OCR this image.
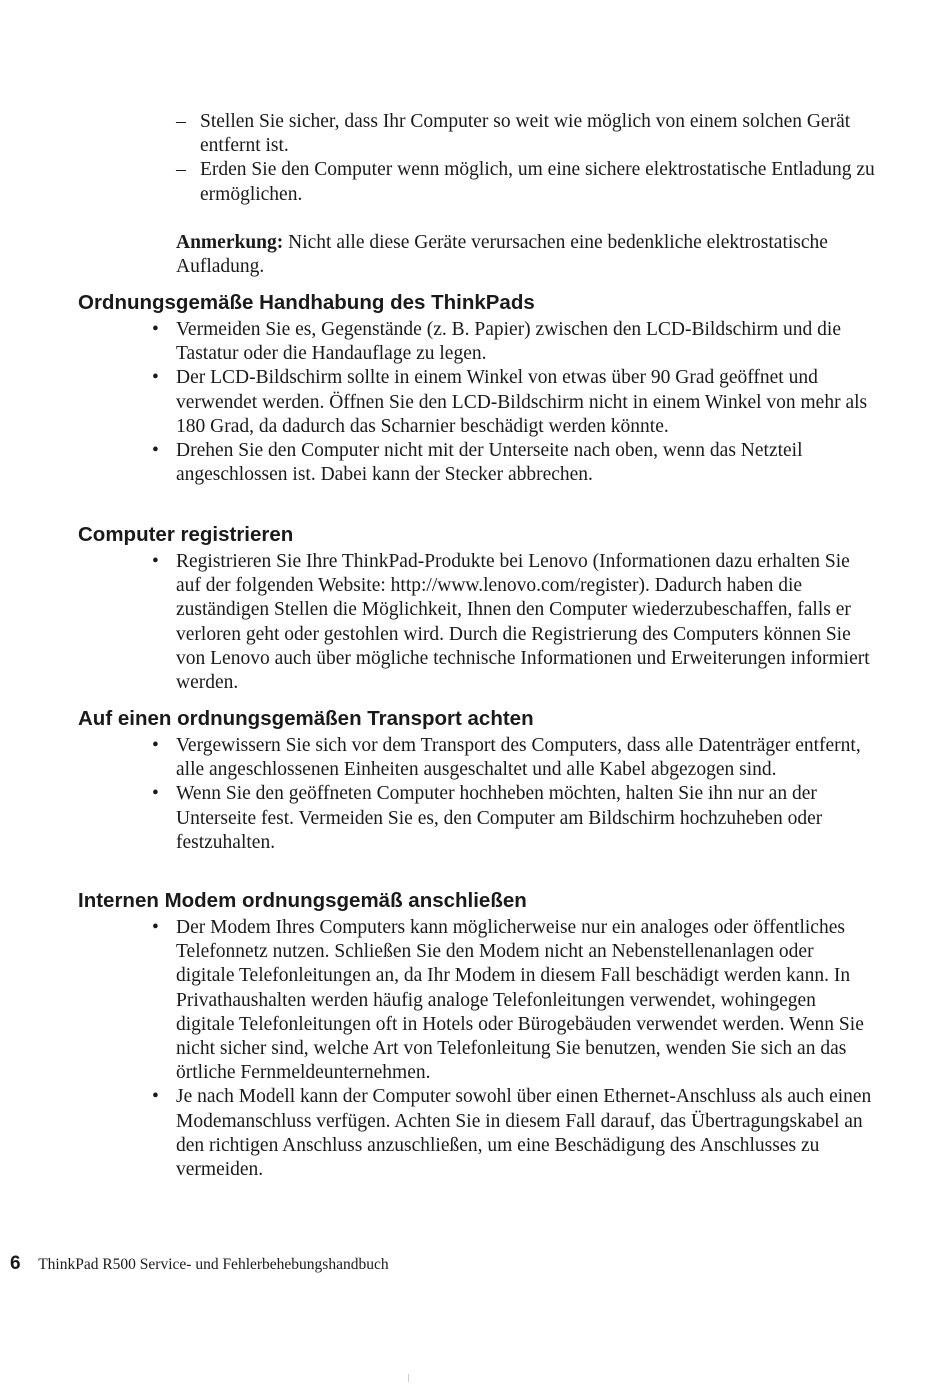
– Stellen Sie sicher, dass Ihr Computer so weit wie möglich von einem solchen Gerät entfernt ist.
– Erden Sie den Computer wenn möglich, um eine sichere elektrostatische Entladung zu ermöglichen.
Anmerkung: Nicht alle diese Geräte verursachen eine bedenkliche elektrostatische Aufladung.
Ordnungsgemäße Handhabung des ThinkPads
• Vermeiden Sie es, Gegenstände (z. B. Papier) zwischen den LCD-Bildschirm und die Tastatur oder die Handauflage zu legen.
• Der LCD-Bildschirm sollte in einem Winkel von etwas über 90 Grad geöffnet und verwendet werden. Öffnen Sie den LCD-Bildschirm nicht in einem Winkel von mehr als 180 Grad, da dadurch das Scharnier beschädigt werden könnte.
• Drehen Sie den Computer nicht mit der Unterseite nach oben, wenn das Netzteil angeschlossen ist. Dabei kann der Stecker abbrechen.
Computer registrieren
• Registrieren Sie Ihre ThinkPad-Produkte bei Lenovo (Informationen dazu erhalten Sie auf der folgenden Website: http://www.lenovo.com/register). Dadurch haben die zuständigen Stellen die Möglichkeit, Ihnen den Computer wiederzubeschaffen, falls er verloren geht oder gestohlen wird. Durch die Registrierung des Computers können Sie von Lenovo auch über mögliche technische Informationen und Erweiterungen informiert werden.
Auf einen ordnungsgemäßen Transport achten
• Vergewissern Sie sich vor dem Transport des Computers, dass alle Datenträger entfernt, alle angeschlossenen Einheiten ausgeschaltet und alle Kabel abgezogen sind.
• Wenn Sie den geöffneten Computer hochheben möchten, halten Sie ihn nur an der Unterseite fest. Vermeiden Sie es, den Computer am Bildschirm hochzuheben oder festzuhalten.
Internen Modem ordnungsgemäß anschließen
• Der Modem Ihres Computers kann möglicherweise nur ein analoges oder öffentliches Telefonnetz nutzen. Schließen Sie den Modem nicht an Nebenstellenanlagen oder digitale Telefonleitungen an, da Ihr Modem in diesem Fall beschädigt werden kann. In Privathaushalten werden häufig analoge Telefonleitungen verwendet, wohingegen digitale Telefonleitungen oft in Hotels oder Bürogebäuden verwendet werden. Wenn Sie nicht sicher sind, welche Art von Telefonleitung Sie benutzen, wenden Sie sich an das örtliche Fernmeldeunternehmen.
• Je nach Modell kann der Computer sowohl über einen Ethernet-Anschluss als auch einen Modemanschluss verfügen. Achten Sie in diesem Fall darauf, das Übertragungskabel an den richtigen Anschluss anzuschließen, um eine Beschädigung des Anschlusses zu vermeiden.
6 ThinkPad R500 Service- und Fehlerbehebungshandbuch
